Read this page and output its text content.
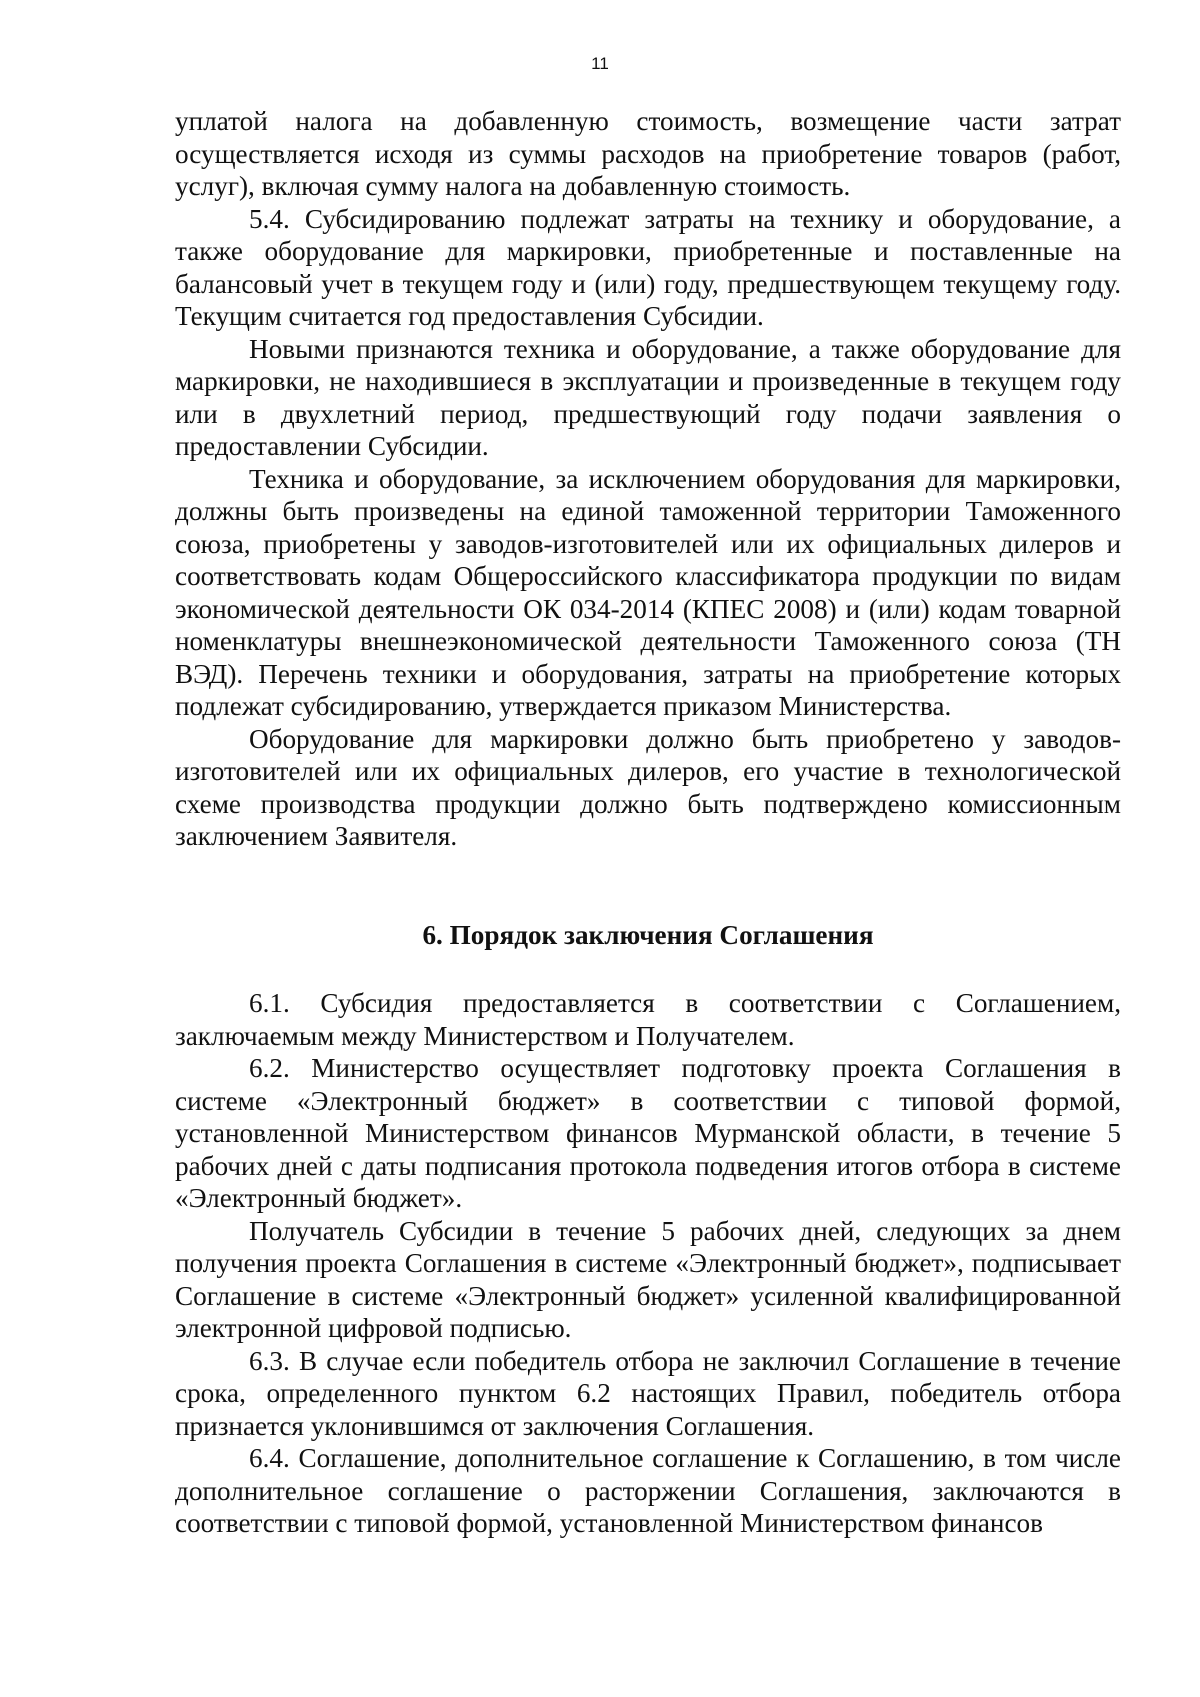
11

уплатой налога на добавленную стоимость, возмещение части затрат осуществляется исходя из суммы расходов на приобретение товаров (работ, услуг), включая сумму налога на добавленную стоимость.

5.4. Субсидированию подлежат затраты на технику и оборудование, а также оборудование для маркировки, приобретенные и поставленные на балансовый учет в текущем году и (или) году, предшествующем текущему году. Текущим считается год предоставления Субсидии.

Новыми признаются техника и оборудование, а также оборудование для маркировки, не находившиеся в эксплуатации и произведенные в текущем году или в двухлетний период, предшествующий году подачи заявления о предоставлении Субсидии.

Техника и оборудование, за исключением оборудования для маркировки, должны быть произведены на единой таможенной территории Таможенного союза, приобретены у заводов-изготовителей или их официальных дилеров и соответствовать кодам Общероссийского классификатора продукции по видам экономической деятельности ОК 034-2014 (КПЕС 2008) и (или) кодам товарной номенклатуры внешнеэкономической деятельности Таможенного союза (ТН ВЭД). Перечень техники и оборудования, затраты на приобретение которых подлежат субсидированию, утверждается приказом Министерства.

Оборудование для маркировки должно быть приобретено у заводов-изготовителей или их официальных дилеров, его участие в технологической схеме производства продукции должно быть подтверждено комиссионным заключением Заявителя.

6. Порядок заключения Соглашения

6.1. Субсидия предоставляется в соответствии с Соглашением, заключаемым между Министерством и Получателем.

6.2. Министерство осуществляет подготовку проекта Соглашения в системе «Электронный бюджет» в соответствии с типовой формой, установленной Министерством финансов Мурманской области, в течение 5 рабочих дней с даты подписания протокола подведения итогов отбора в системе «Электронный бюджет».

Получатель Субсидии в течение 5 рабочих дней, следующих за днем получения проекта Соглашения в системе «Электронный бюджет», подписывает Соглашение в системе «Электронный бюджет» усиленной квалифицированной электронной цифровой подписью.

6.3. В случае если победитель отбора не заключил Соглашение в течение срока, определенного пунктом 6.2 настоящих Правил, победитель отбора признается уклонившимся от заключения Соглашения.

6.4. Соглашение, дополнительное соглашение к Соглашению, в том числе дополнительное соглашение о расторжении Соглашения, заключаются в соответствии с типовой формой, установленной Министерством финансов
